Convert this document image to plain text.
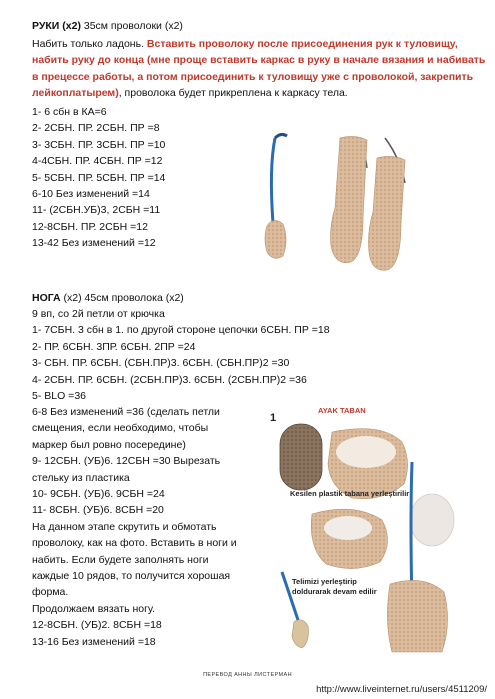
РУКИ (х2) 35см проволоки (х2)
Набить только ладонь. Вставить проволоку после присоединения рук к туловищу,
набить руку до конца (мне проще вставить каркас в руку в начале вязания и набивать
в прецессе работы, а потом присоединить к туловищу уже с проволокой, закрепить
лейкоплатырем), проволока будет прикреплена к каркасу тела.
1- 6 сбн в КА=6
2- 2СБН. ПР. 2СБН. ПР =8
3- 3СБН. ПР. 3СБН. ПР =10
4-4СБН. ПР. 4СБН. ПР =12
5- 5СБН. ПР. 5СБН. ПР =14
6-10 Без изменений =14
11- (2СБН.УБ)3, 2СБН =11
12-8СБН. ПР. 2СБН =12
13-42 Без изменений =12
НОГА (х2) 45см проволока (х2)
9 вп, со 2й петли от крючка
1- 7СБН. 3 сбн в 1. по другой стороне цепочки 6СБН. ПР =18
2- ПР. 6СБН. 3ПР. 6СБН. 2ПР =24
3- СБН. ПР. 6СБН. (СБН.ПР)3. 6СБН. (СБН.ПР)2 =30
4- 2СБН. ПР. 6СБН. (2СБН.ПР)3. 6СБН. (2СБН.ПР)2 =36
5- BLO =36
6-8 Без изменений =36 (сделать петли
смещения, если необходимо, чтобы
маркер был ровно посередине)
9- 12СБН. (УБ)6. 12СБН =30 Вырезать
стельку из пластика
10- 9СБН. (УБ)6. 9СБН =24
11- 8СБН. (УБ)6. 8СБН =20
На данном этапе скрутить и обмотать
проволоку, как на фото. Вставить в ноги и
набить. Если будете заполнять ноги
каждые 10 рядов, то получится хорошая
форма.
Продолжаем вязать ногу.
12-8СБН. (УБ)2. 8СБН =18
13-16 Без изменений =18
1
AYAK TABAN
Kesilen plastik tabana yerleştirilir
Telimizi yerleştirip
doldurarak devam edilir
ПЕРЕВОД АННЫ ЛИСТЕРМАН
http://www.liveinternet.ru/users/4511209/
